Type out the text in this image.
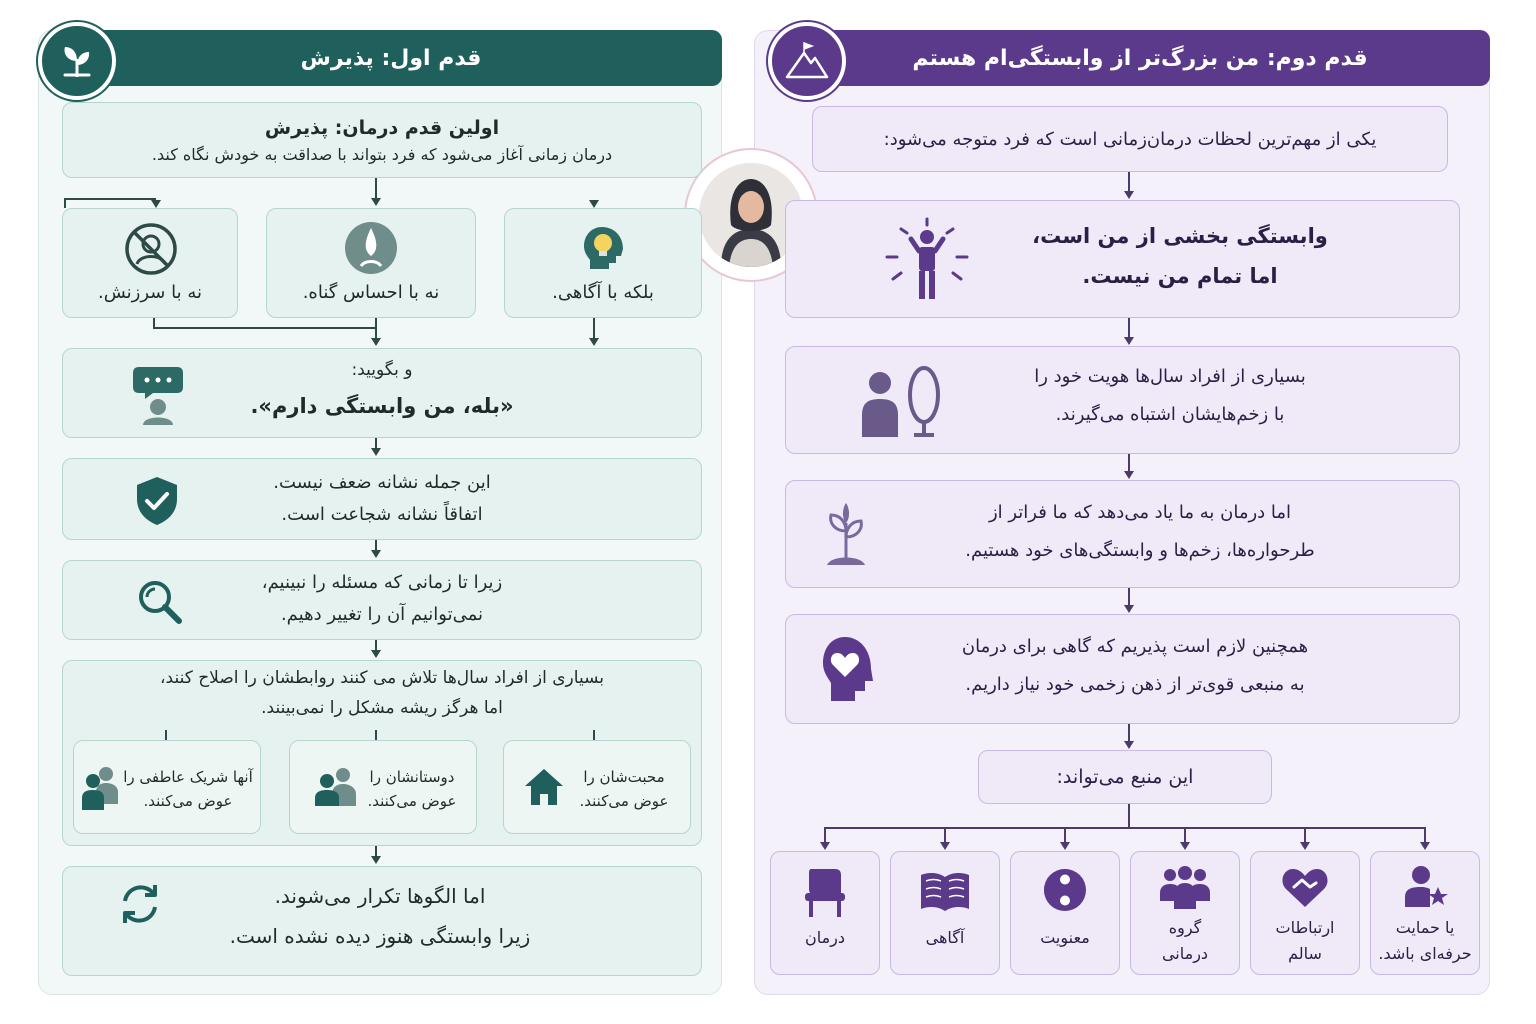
قدم اول: پذیرش	قدم دوم: من بزرگ‌تر از وابستگی‌ام هستم
اولین قدم درمان: پذیرش
درمان زمانی آغاز می‌شود که فرد بتواند با صداقت به خودش نگاه کند.
بلکه با آگاهی.
نه با احساس گناه.
نه با سرزنش.
و بگویید:
«بله، من وابستگی دارم».
این جمله نشانه ضعف نیست.
اتفاقاً نشانه شجاعت است.
زیرا تا زمانی که مسئله را نبینیم،
نمی‌توانیم آن را تغییر دهیم.
بسیاری از افراد سال‌ها تلاش می کنند روابطشان را اصلاح کنند،
اما هرگز ریشه مشکل را نمی‌بینند.
محبت‌شان را
عوض می‌کنند.
دوستانشان را
عوض می‌کنند.
آنها شریک عاطفی را
عوض می‌کنند.
اما الگوها تکرار می‌شوند.
زیرا وابستگی هنوز دیده نشده است.
یکی از مهم‌ترین لحظات درمان‌زمانی است که فرد متوجه می‌شود:
وابستگی بخشی از من است،
اما تمام من نیست.
بسیاری از افراد سال‌ها هویت خود را
با زخم‌هایشان اشتباه می‌گیرند.
اما درمان به ما یاد می‌دهد که ما فراتر از
طرحواره‌ها، زخم‌ها و وابستگی‌های خود هستیم.
همچنین لازم است پذیریم که گاهی برای درمان
به منبعی قوی‌تر از ذهن زخمی خود نیاز داریم.
این منبع می‌تواند:
یا حمایت
حرفه‌ای باشد.
ارتباطات
سالم
گروه
درمانی
معنویت
آگاهی
درمان
